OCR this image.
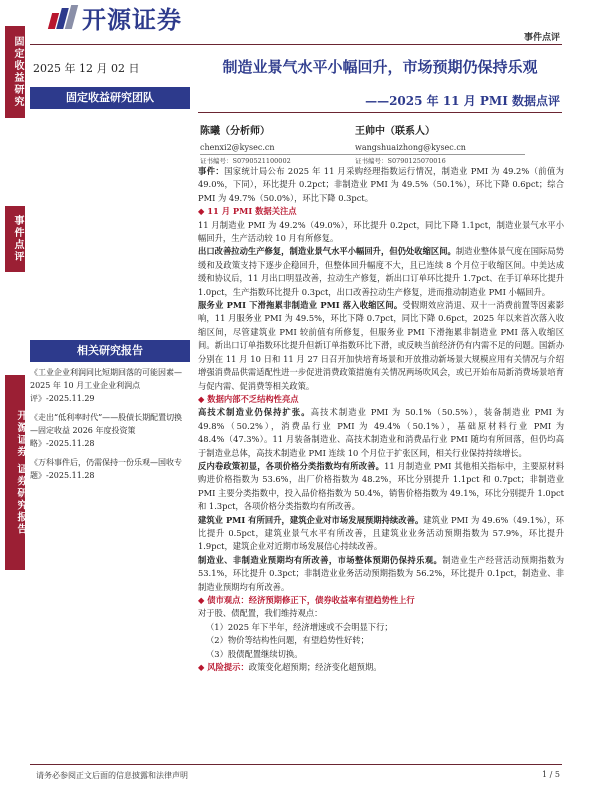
开源证券
事件点评
固定收益研究
事件点评
开源证券 证券研究报告
2025 年 12 月 02 日
固定收益研究团队
制造业景气水平小幅回升，市场预期仍保持乐观
——2025 年 11 月 PMI 数据点评
陈曦（分析师）
chenxi2@kysec.cn
证书编号：S0790521100002
王帅中（联系人）
wangshuaizhong@kysec.cn
证书编号：S0790125070016
相关研究报告
《工业企业利润同比短期回落的可能因素—2025 年 10 月工业企业利润点评》-2025.11.29
《走出“低利率时代”——股债长期配置切换—固定收益 2026 年度投资策略》-2025.11.28
《万科事件后，仍需保持一份乐观—国收专题》-2025.11.28

事件：国家统计局公布 2025 年 11 月采购经理指数运行情况，制造业 PMI 为 49.2%（前值为 49.0%，下同），环比提升 0.2pct；非制造业 PMI 为 49.5%（50.1%），环比下降 0.6pct；综合 PMI 为 49.7%（50.0%），环比下降 0.3pct。

◆ 11 月 PMI 数据关注点

11 月制造业 PMI 为 49.2%（49.0%），环比提升 0.2pct，同比下降 1.1pct，制造业景气水平小幅回升，生产活动较 10 月有所修复。

出口改善拉动生产修复，制造业景气水平小幅回升，但仍处收缩区间。制造业整体景气度在国际局势缓和及政策支持下逐步企稳回升，但整体回升幅度不大，且已连续 8 个月位于收缩区间。中美达成缓和协议后，11 月出口明显改善，拉动生产修复，新出口订单环比提升 1.7pct、在手订单环比提升 1.0pct，生产指数环比提升 0.3pct，出口改善拉动生产修复，进而推动制造业 PMI 小幅回升。

服务业 PMI 下滑拖累非制造业 PMI 落入收缩区间。受假期效应消退、双十一消费前置等因素影响，11 月服务业 PMI 为 49.5%，环比下降 0.7pct，同比下降 0.6pct，2025 年以来首次落入收缩区间，尽管建筑业 PMI 较前值有所修复，但服务业 PMI 下滑拖累非制造业 PMI 落入收缩区间。新出口订单指数环比提升但新订单指数环比下滑，或反映当前经济仍有内需不足的问题。国新办分别在 11 月 10 日和 11 月 27 日召开加快培育场景和开放推动新场景大规模应用有关情况与介绍增强消费品供需适配性进一步促进消费政策措施有关情况两场吹风会，或已开始布局新消费场景培育与促内需、促消费等相关政策。

◆ 数据内部不乏结构性亮点

高技术制造业仍保持扩张。高技术制造业 PMI 为 50.1%（50.5%），装备制造业 PMI 为 49.8%（50.2%），消费品行业 PMI 为 49.4%（50.1%），基础原材料行业 PMI 为 48.4%（47.3%）。11 月装备制造业、高技术制造业和消费品行业 PMI 随均有所回落，但仍均高于制造业总体，高技术制造业 PMI 连续 10 个月位于扩张区间，相关行业保持持续增长。

反内卷政策初显，各项价格分类指数均有所改善。11 月制造业 PMI 其他相关指标中，主要原材料购进价格指数为 53.6%，出厂价格指数为 48.2%，环比分别提升 1.1pct 和 0.7pct；非制造业 PMI 主要分类指数中，投入品价格指数为 50.4%，销售价格指数为 49.1%，环比分别提升 1.0pct 和 1.3pct，各项价格分类指数均有所改善。

建筑业 PMI 有所回升，建筑企业对市场发展预期持续改善。建筑业 PMI 为 49.6%（49.1%），环比提升 0.5pct，建筑业景气水平有所改善，且建筑业业务活动预期指数为 57.9%，环比提升 1.9pct，建筑企业对近期市场发展信心持续改善。

制造业、非制造业预期均有所改善，市场整体预期仍保持乐观。制造业生产经营活动预期指数为 53.1%，环比提升 0.3pct；非制造业业务活动预期指数为 56.2%，环比提升 0.1pct，制造业、非制造业预期均有所改善。

◆ 债市观点：经济预期修正下，债券收益率有望趋势性上行

对于股、债配置，我们维持观点：

（1）2025 年下半年，经济增速或不会明显下行；

（2）物价等结构性问题，有望趋势性好转；

（3）股债配置继续切换。

◆ 风险提示：政策变化超预期；经济变化超预期。

请务必参阅正文后面的信息披露和法律声明	1 / 5
